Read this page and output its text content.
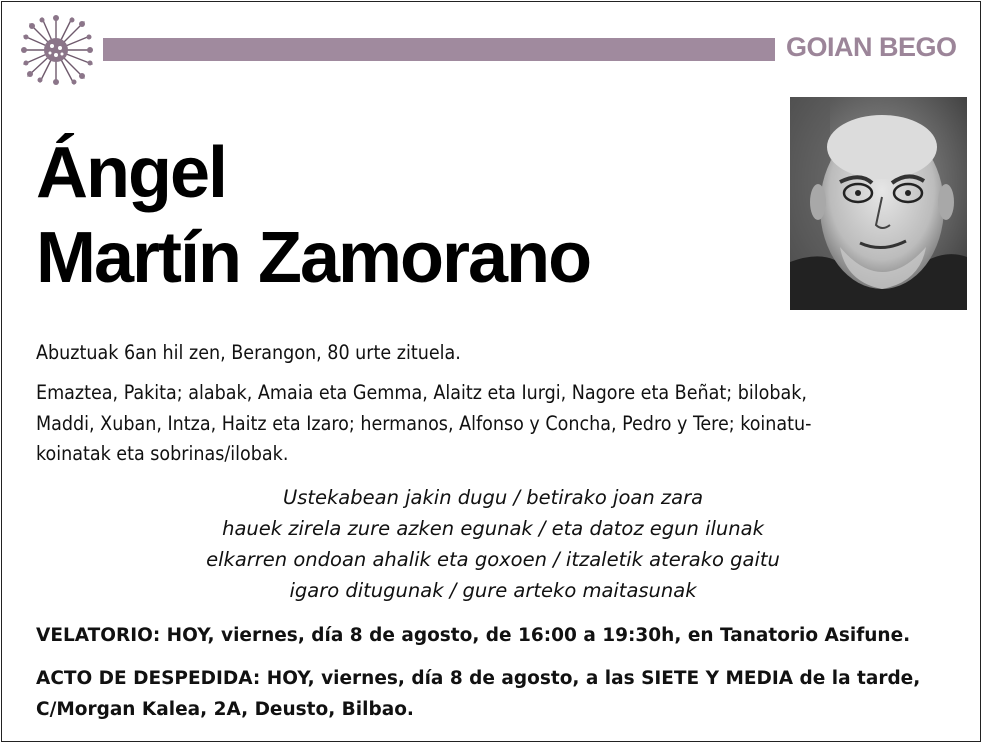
GOIAN BEGO
Ángel
Martín Zamorano
Abuztuak 6an hil zen, Berangon, 80 urte zituela.
Emaztea, Pakita; alabak, Amaia eta Gemma, Alaitz eta Iurgi, Nagore eta Beñat; bilobak,
Maddi, Xuban, Intza, Haitz eta Izaro; hermanos, Alfonso y Concha, Pedro y Tere; koinatu-
koinatak eta sobrinas/ilobak.
Ustekabean jakin dugu / betirako joan zara
hauek zirela zure azken egunak / eta datoz egun ilunak
elkarren ondoan ahalik eta goxoen / itzaletik aterako gaitu
igaro ditugunak / gure arteko maitasunak
VELATORIO: HOY, viernes, día 8 de agosto, de 16:00 a 19:30h, en Tanatorio Asifune.
ACTO DE DESPEDIDA: HOY, viernes, día 8 de agosto, a las SIETE Y MEDIA de la tarde,
C/Morgan Kalea, 2A, Deusto, Bilbao.
